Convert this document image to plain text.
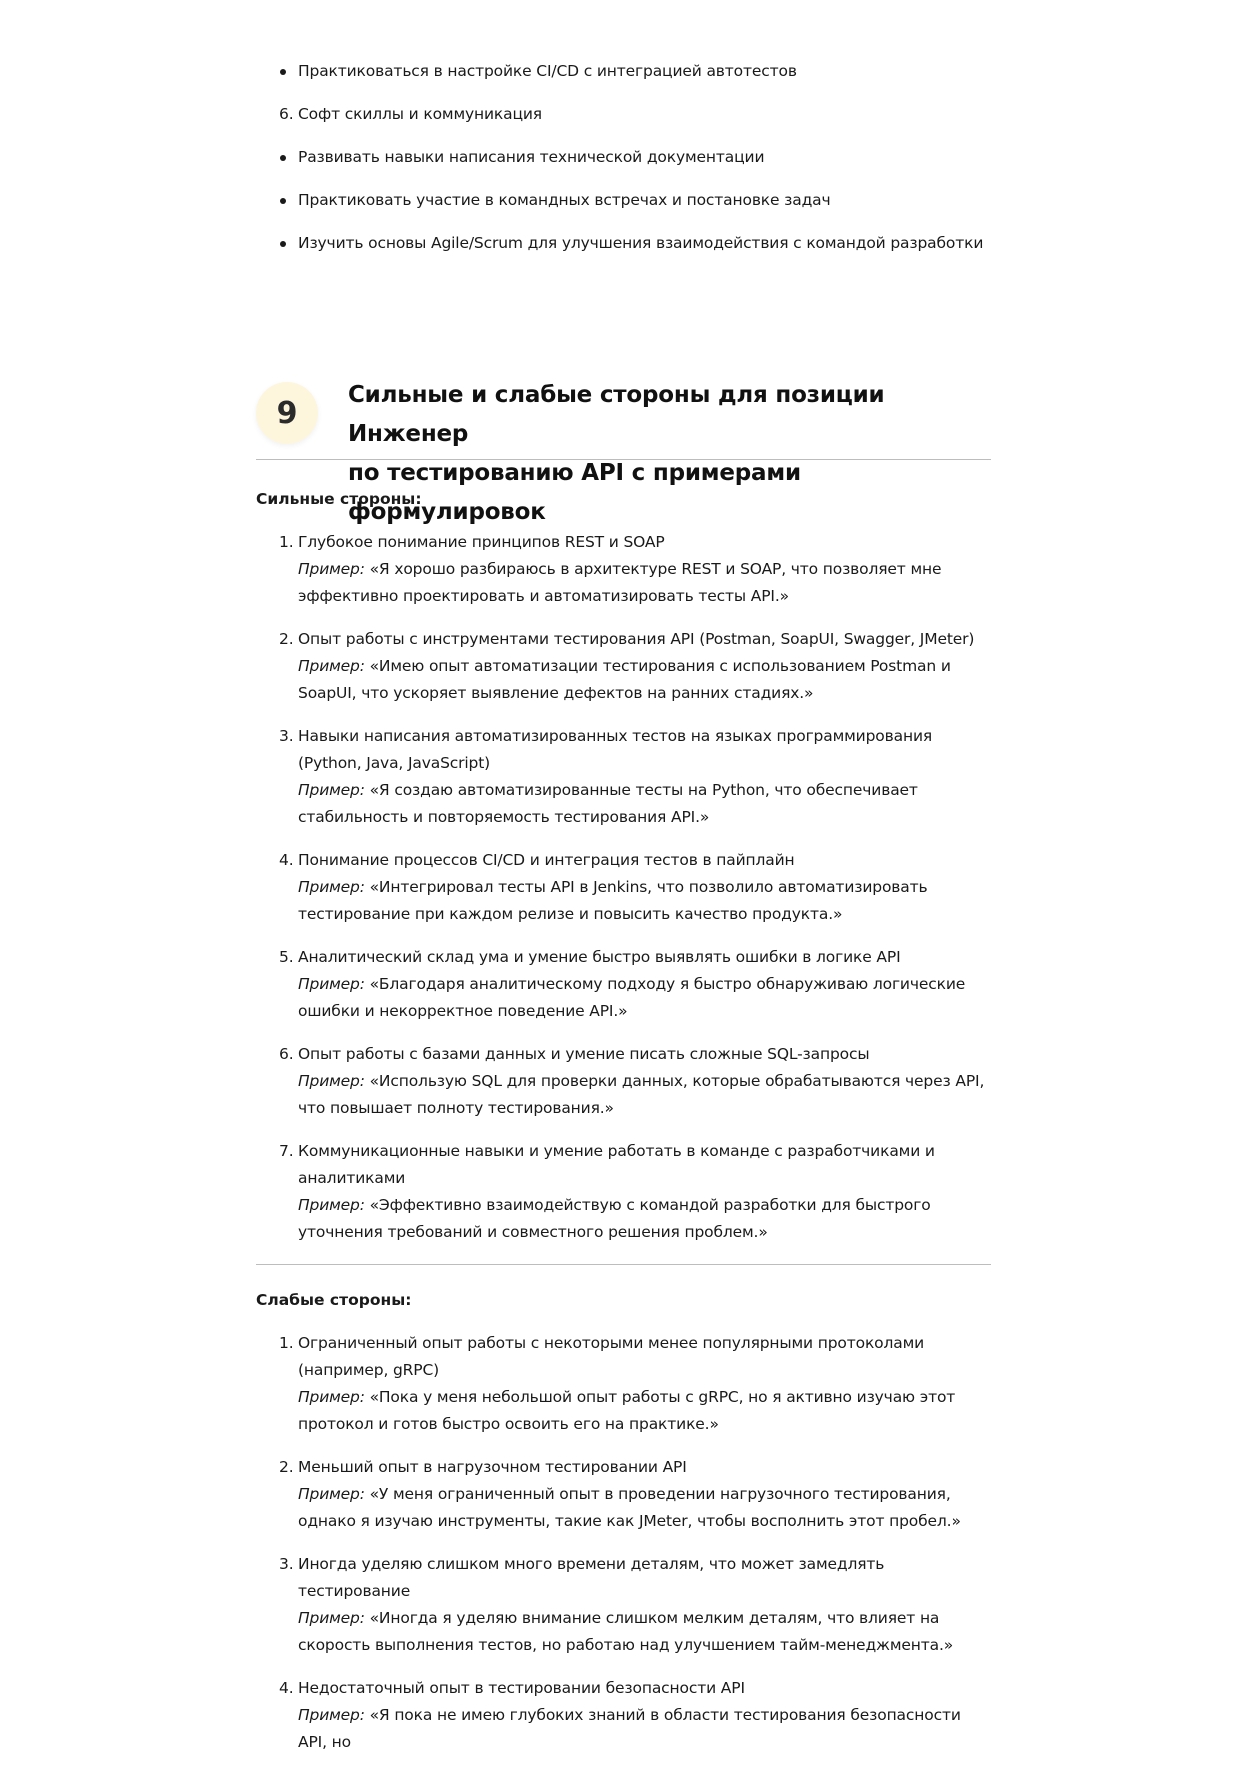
Практиковаться в настройке CI/CD с интеграцией автотестов
6. Софт скиллы и коммуникация
Развивать навыки написания технической документации
Практиковать участие в командных встречах и постановке задач
Изучить основы Agile/Scrum для улучшения взаимодействия с командой разработки
9
Сильные и слабые стороны для позиции Инженер
по тестированию API с примерами формулировок
Сильные стороны:
1. Глубокое понимание принципов REST и SOAP
Пример: «Я хорошо разбираюсь в архитектуре REST и SOAP, что позволяет мне эффективно проектировать и автоматизировать тесты API.»
2. Опыт работы с инструментами тестирования API (Postman, SoapUI, Swagger, JMeter)
Пример: «Имею опыт автоматизации тестирования с использованием Postman и SoapUI, что ускоряет выявление дефектов на ранних стадиях.»
3. Навыки написания автоматизированных тестов на языках программирования (Python, Java, JavaScript)
Пример: «Я создаю автоматизированные тесты на Python, что обеспечивает стабильность и повторяемость тестирования API.»
4. Понимание процессов CI/CD и интеграция тестов в пайплайн
Пример: «Интегрировал тесты API в Jenkins, что позволило автоматизировать тестирование при каждом релизе и повысить качество продукта.»
5. Аналитический склад ума и умение быстро выявлять ошибки в логике API
Пример: «Благодаря аналитическому подходу я быстро обнаруживаю логические ошибки и некорректное поведение API.»
6. Опыт работы с базами данных и умение писать сложные SQL-запросы
Пример: «Использую SQL для проверки данных, которые обрабатываются через API, что повышает полноту тестирования.»
7. Коммуникационные навыки и умение работать в команде с разработчиками и аналитиками
Пример: «Эффективно взаимодействую с командой разработки для быстрого уточнения требований и совместного решения проблем.»
Слабые стороны:
1. Ограниченный опыт работы с некоторыми менее популярными протоколами (например, gRPC)
Пример: «Пока у меня небольшой опыт работы с gRPC, но я активно изучаю этот протокол и готов быстро освоить его на практике.»
2. Меньший опыт в нагрузочном тестировании API
Пример: «У меня ограниченный опыт в проведении нагрузочного тестирования, однако я изучаю инструменты, такие как JMeter, чтобы восполнить этот пробел.»
3. Иногда уделяю слишком много времени деталям, что может замедлять тестирование
Пример: «Иногда я уделяю внимание слишком мелким деталям, что влияет на скорость выполнения тестов, но работаю над улучшением тайм-менеджмента.»
4. Недостаточный опыт в тестировании безопасности API
Пример: «Я пока не имею глубоких знаний в области тестирования безопасности API, но
